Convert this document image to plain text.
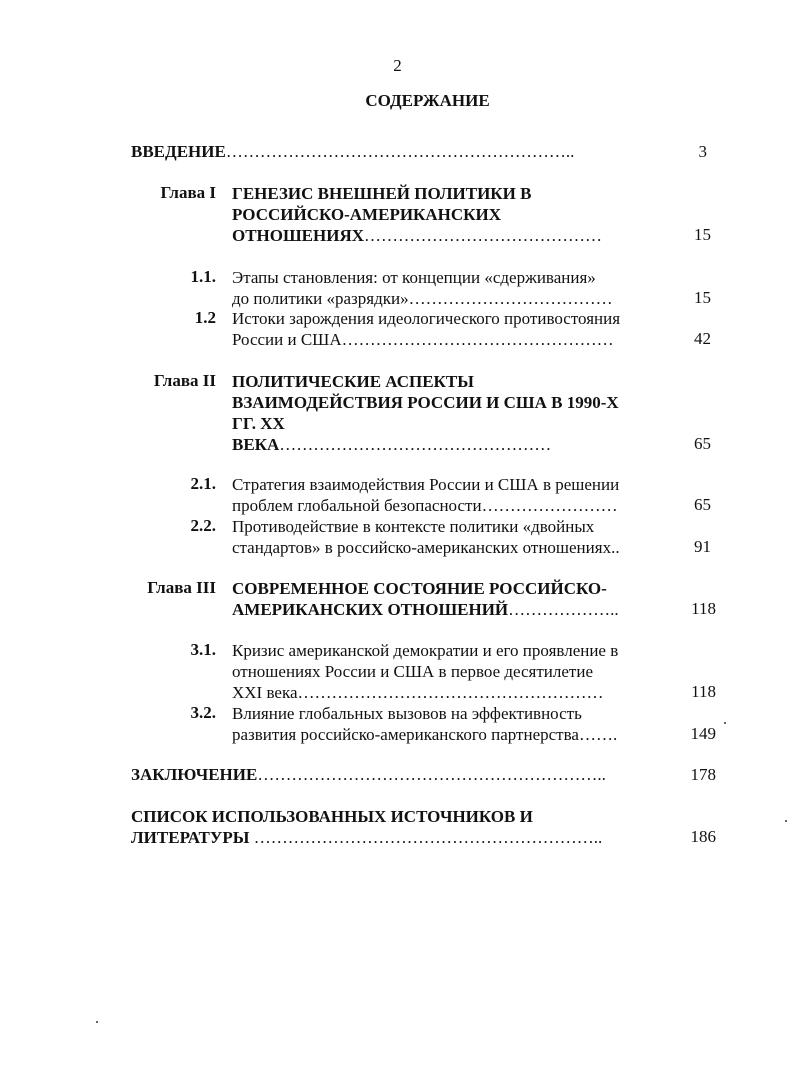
2
СОДЕРЖАНИЕ
ВВЕДЕНИЕ……………………………………………………..	3
Глава I ГЕНЕЗИС ВНЕШНЕЙ ПОЛИТИКИ В
РОССИЙСКО-АМЕРИКАНСКИХ
ОТНОШЕНИЯХ……………………………………	15
1.1. Этапы становления: от концепции «сдерживания»
до политики «разрядки»………………………………	15
1.2 Истоки зарождения идеологического противостояния
России и США…………………………………………	42
Глава II ПОЛИТИЧЕСКИЕ АСПЕКТЫ
ВЗАИМОДЕЙСТВИЯ РОССИИ И США В 1990-Х
ГГ. XX
ВЕКА…………………………………………	65
2.1. Стратегия взаимодействия России и США в решении
проблем глобальной безопасности……………………	65
2.2. Противодействие в контексте политики «двойных
стандартов» в российско-американских отношениях..	91
Глава III СОВРЕМЕННОЕ СОСТОЯНИЕ РОССИЙСКО-
АМЕРИКАНСКИХ ОТНОШЕНИЙ………………..	118
3.1. Кризис американской демократии и его проявление в
отношениях России и США в первое десятилетие
XXI века………………………………………………	118
3.2. Влияние глобальных вызовов на эффективность
развития российско-американского партнерства…….	149
ЗАКЛЮЧЕНИЕ……………………………………………………..	178
СПИСОК ИСПОЛЬЗОВАННЫХ ИСТОЧНИКОВ И
ЛИТЕРАТУРЫ ……………………………………………………..	186
